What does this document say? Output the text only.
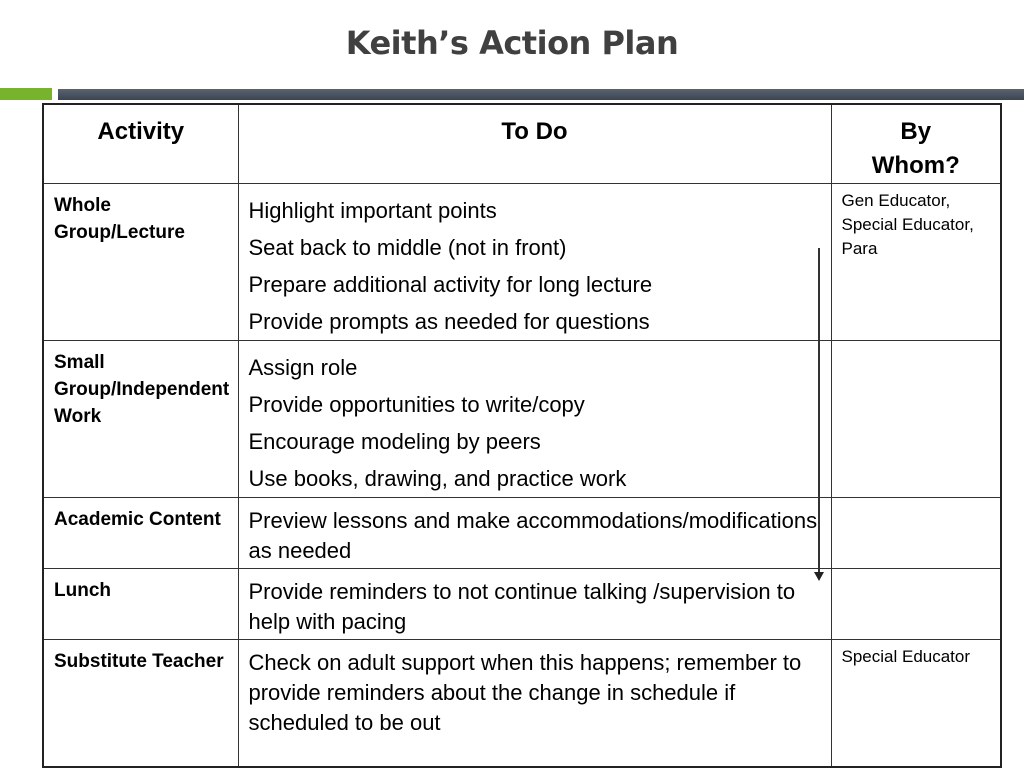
Keith’s Action Plan
Activity	To Do	By
Whom?
Whole Group/Lecture	Highlight important points
Seat back to middle (not in front)
Prepare additional activity for long lecture
Provide prompts as needed for questions	Gen Educator, Special Educator, Para
Small Group/Independent Work	Assign role
Provide opportunities to write/copy
Encourage modeling by peers
Use books, drawing, and practice work	

Academic Content	Preview lessons and make accommodations/modifications as needed	
Lunch	Provide reminders to not continue talking /supervision to help with pacing	
Substitute Teacher	Check on adult support when this happens; remember to provide reminders about the change in schedule if scheduled to be out	Special Educator
